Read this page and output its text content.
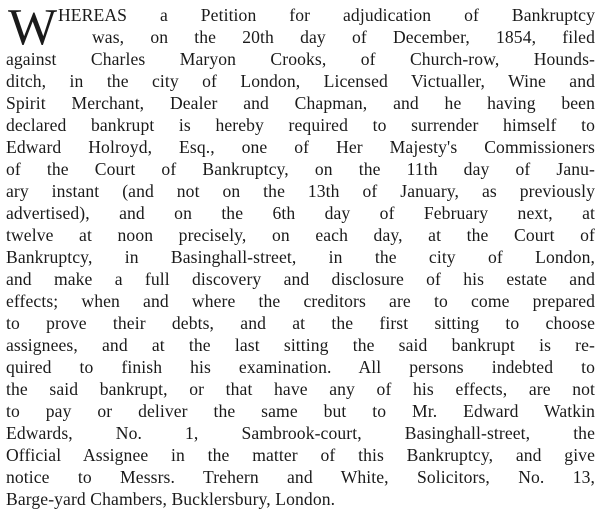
W HEREAS a Petition for adjudication of Bankruptcy
was, on the 20th day of December, 1854, filed
against Charles Maryon Crooks, of Church-row, Hounds-
ditch, in the city of London, Licensed Victualler, Wine and
Spirit Merchant, Dealer and Chapman, and he having been
declared bankrupt is hereby required to surrender himself to
Edward Holroyd, Esq., one of Her Majesty's Commissioners
of the Court of Bankruptcy, on the 11th day of Janu-
ary instant (and not on the 13th of January, as previously
advertised), and on the 6th day of February next, at
twelve at noon precisely, on each day, at the Court of
Bankruptcy, in Basinghall-street, in the city of London,
and make a full discovery and disclosure of his estate and
effects; when and where the creditors are to come prepared
to prove their debts, and at the first sitting to choose
assignees, and at the last sitting the said bankrupt is re-
quired to finish his examination. All persons indebted to
the said bankrupt, or that have any of his effects, are not
to pay or deliver the same but to Mr. Edward Watkin
Edwards, No. 1, Sambrook-court, Basinghall-street, the
Official Assignee in the matter of this Bankruptcy, and give
notice to Messrs. Trehern and White, Solicitors, No. 13,
Barge-yard Chambers, Bucklersbury, London.
